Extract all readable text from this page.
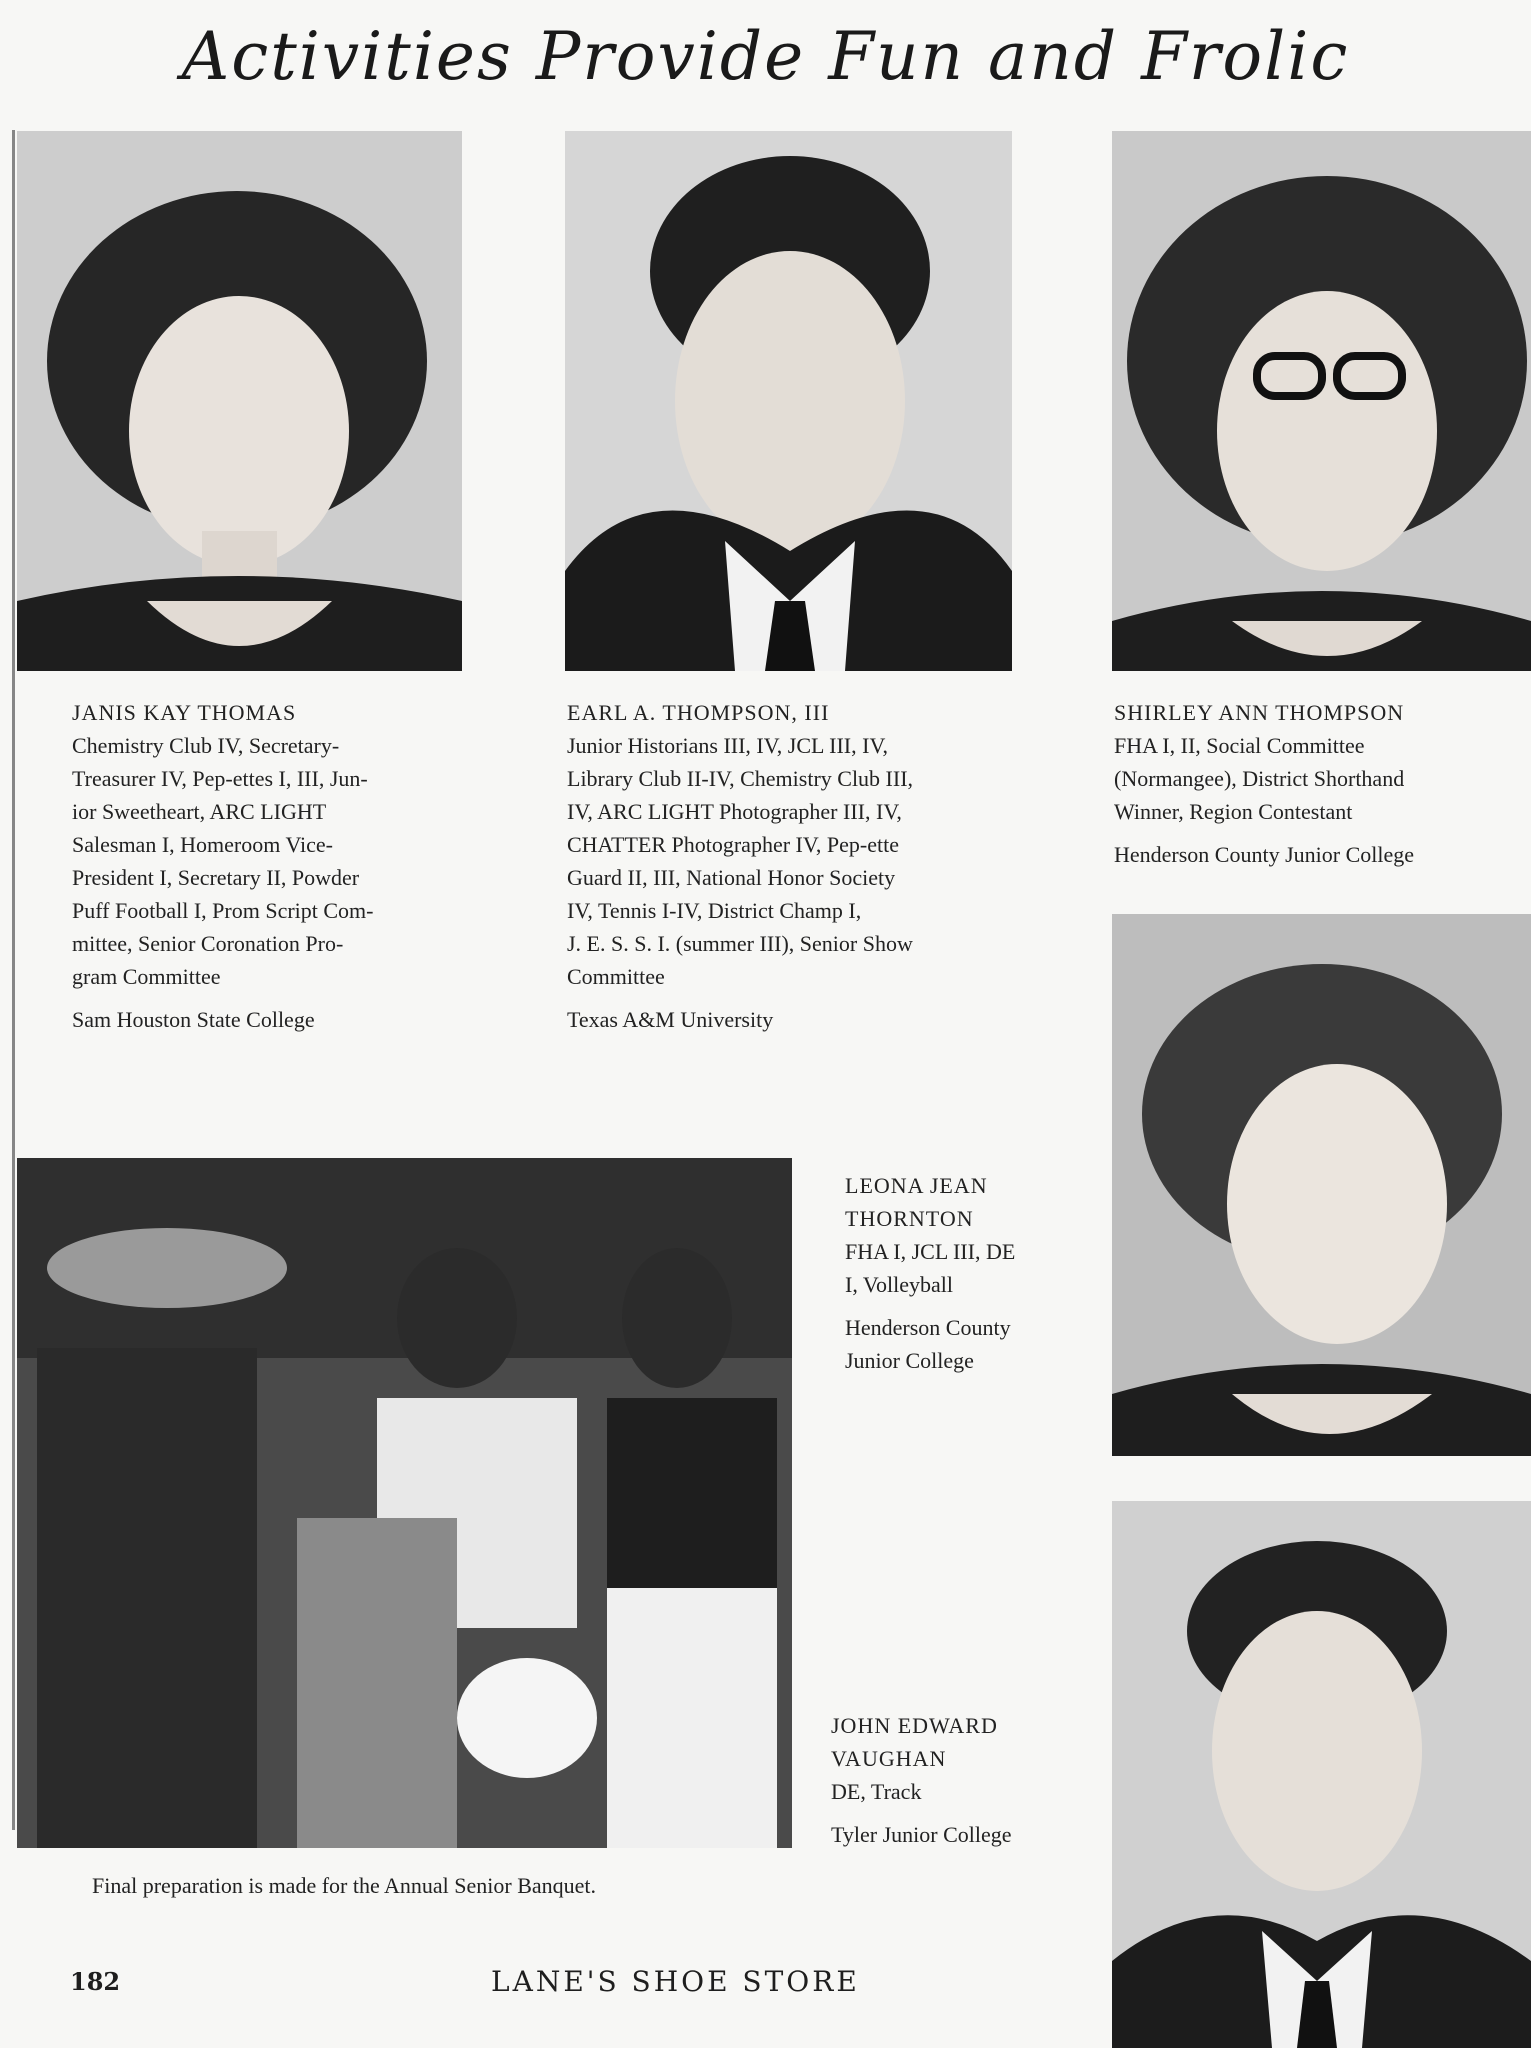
Activities Provide Fun and Frolic
JANIS KAY THOMAS
Chemistry Club IV, Secretary-
Treasurer IV, Pep-ettes I, III, Jun-
ior Sweetheart, ARC LIGHT
Salesman I, Homeroom Vice-
President I, Secretary II, Powder
Puff Football I, Prom Script Com-
mittee, Senior Coronation Pro-
gram Committee
Sam Houston State College
EARL A. THOMPSON, III
Junior Historians III, IV, JCL III, IV,
Library Club II-IV, Chemistry Club III,
IV, ARC LIGHT Photographer III, IV,
CHATTER Photographer IV, Pep-ette
Guard II, III, National Honor Society
IV, Tennis I-IV, District Champ I,
J. E. S. S. I. (summer III), Senior Show
Committee
Texas A&M University
SHIRLEY ANN THOMPSON
FHA I, II, Social Committee
(Normangee), District Shorthand
Winner, Region Contestant
Henderson County Junior College
LEONA JEAN
THORNTON
FHA I, JCL III, DE
I, Volleyball
Henderson County
Junior College
JOHN EDWARD
VAUGHAN
DE, Track
Tyler Junior College
Final preparation is made for the Annual Senior Banquet.
182	LANE'S SHOE STORE
